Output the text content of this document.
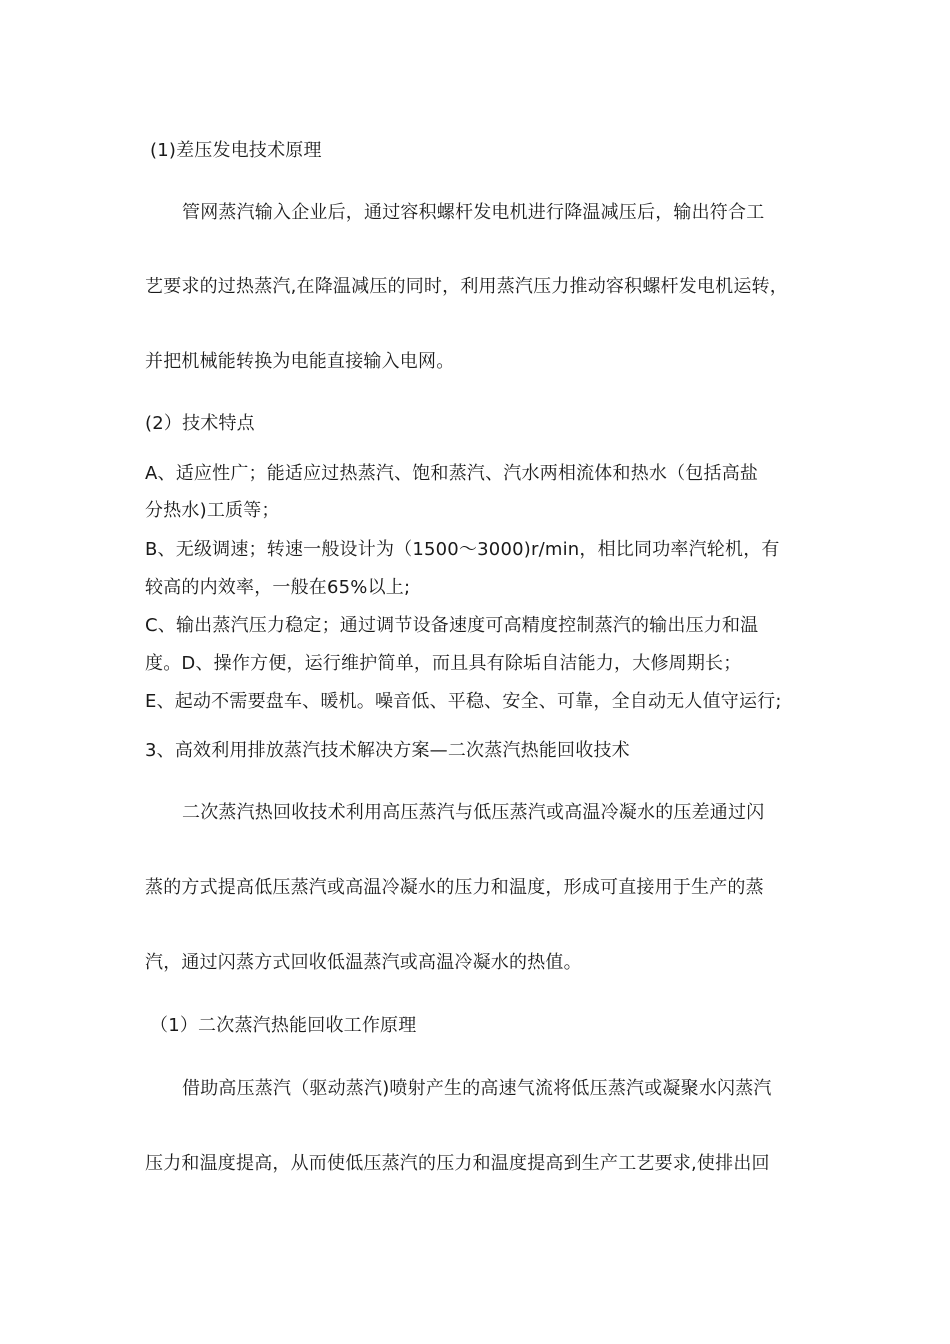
(1)差压发电技术原理

管网蒸汽输入企业后，通过容积螺杆发电机进行降温减压后，输出符合工

艺要求的过热蒸汽,在降温减压的同时，利用蒸汽压力推动容积螺杆发电机运转，

并把机械能转换为电能直接输入电网。

(2）技术特点

A、适应性广；能适应过热蒸汽、饱和蒸汽、汽水两相流体和热水（包括高盐

分热水)工质等；

B、无级调速；转速一般设计为（1500～3000)r/min，相比同功率汽轮机，有

较高的内效率，一般在65%以上;

C、输出蒸汽压力稳定；通过调节设备速度可高精度控制蒸汽的输出压力和温

度。D、操作方便，运行维护简单，而且具有除垢自洁能力，大修周期长；

E、起动不需要盘车、暖机。噪音低、平稳、安全、可靠，全自动无人值守运行;

3、高效利用排放蒸汽技术解决方案—二次蒸汽热能回收技术

二次蒸汽热回收技术利用高压蒸汽与低压蒸汽或高温冷凝水的压差通过闪

蒸的方式提高低压蒸汽或高温冷凝水的压力和温度，形成可直接用于生产的蒸

汽，通过闪蒸方式回收低温蒸汽或高温冷凝水的热值。

（1）二次蒸汽热能回收工作原理

借助高压蒸汽（驱动蒸汽)喷射产生的高速气流将低压蒸汽或凝聚水闪蒸汽

压力和温度提高，从而使低压蒸汽的压力和温度提高到生产工艺要求,使排出回
